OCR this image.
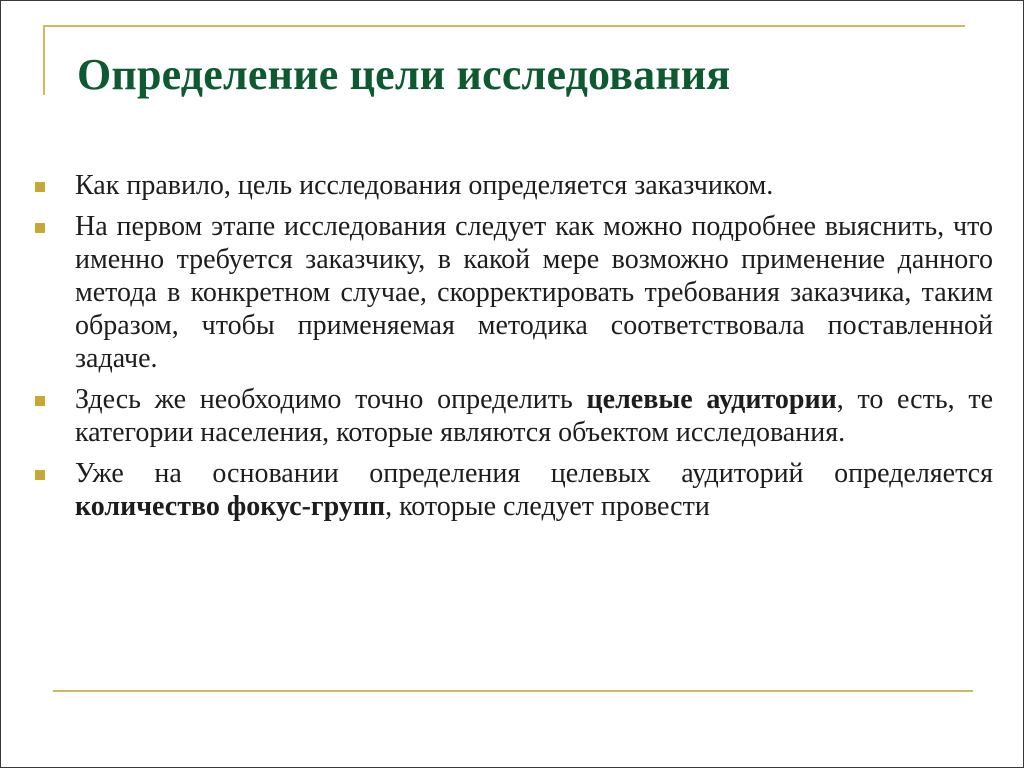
Определение цели исследования
Как правило, цель исследования определяется заказчиком.
На первом этапе исследования следует как можно подробнее выяснить, что именно требуется заказчику, в какой мере возможно применение данного метода в конкретном случае, скорректировать требования заказчика, таким образом, чтобы применяемая методика соответствовала поставленной задаче.
Здесь же необходимо точно определить целевые аудитории, то есть, те категории населения, которые являются объектом исследования.
Уже на основании определения целевых аудиторий определяется количество фокус-групп, которые следует провести
